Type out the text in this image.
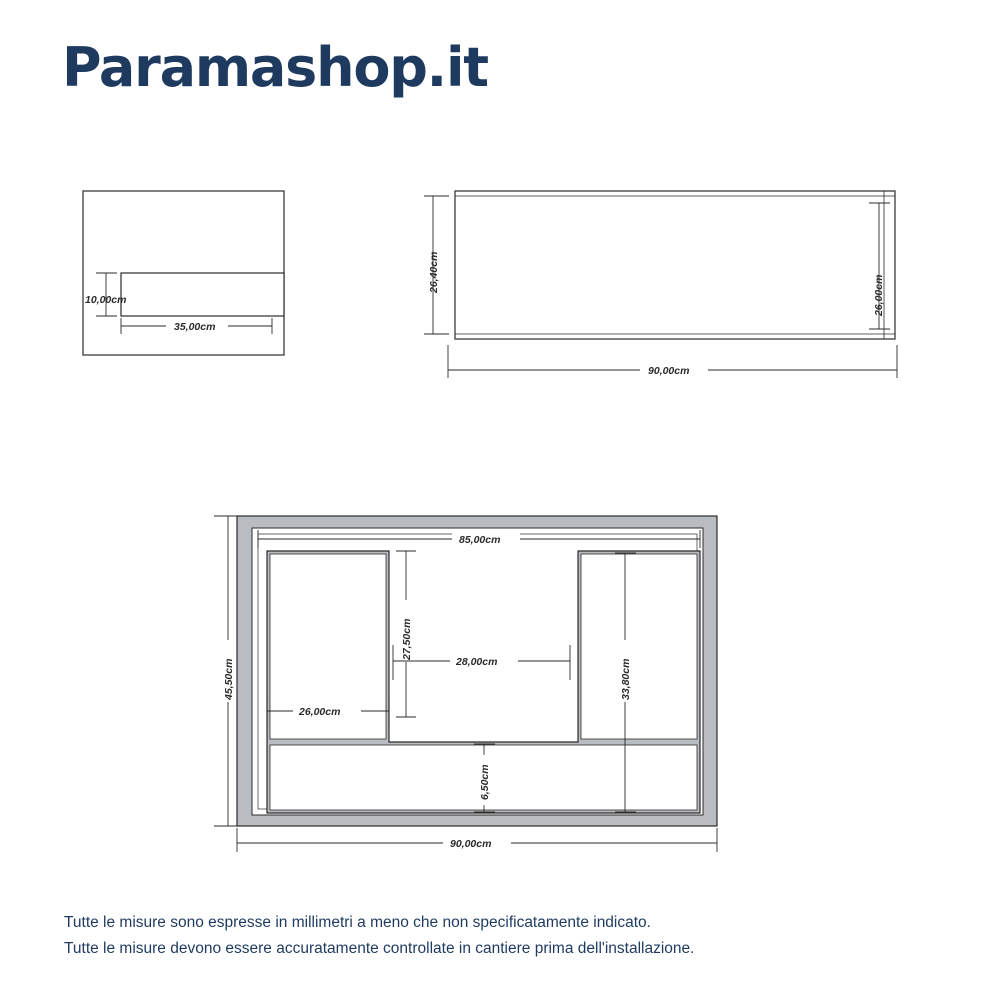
Paramashop.it
10,00cm
35,00cm
26,40cm
26,00cm
90,00cm
85,00cm
45,50cm
90,00cm
27,50cm
28,00cm
26,00cm
33,80cm
6,50cm
Tutte le misure sono espresse in millimetri a meno che non specificatamente indicato.
Tutte le misure devono essere accuratamente controllate in cantiere prima dell'installazione.
